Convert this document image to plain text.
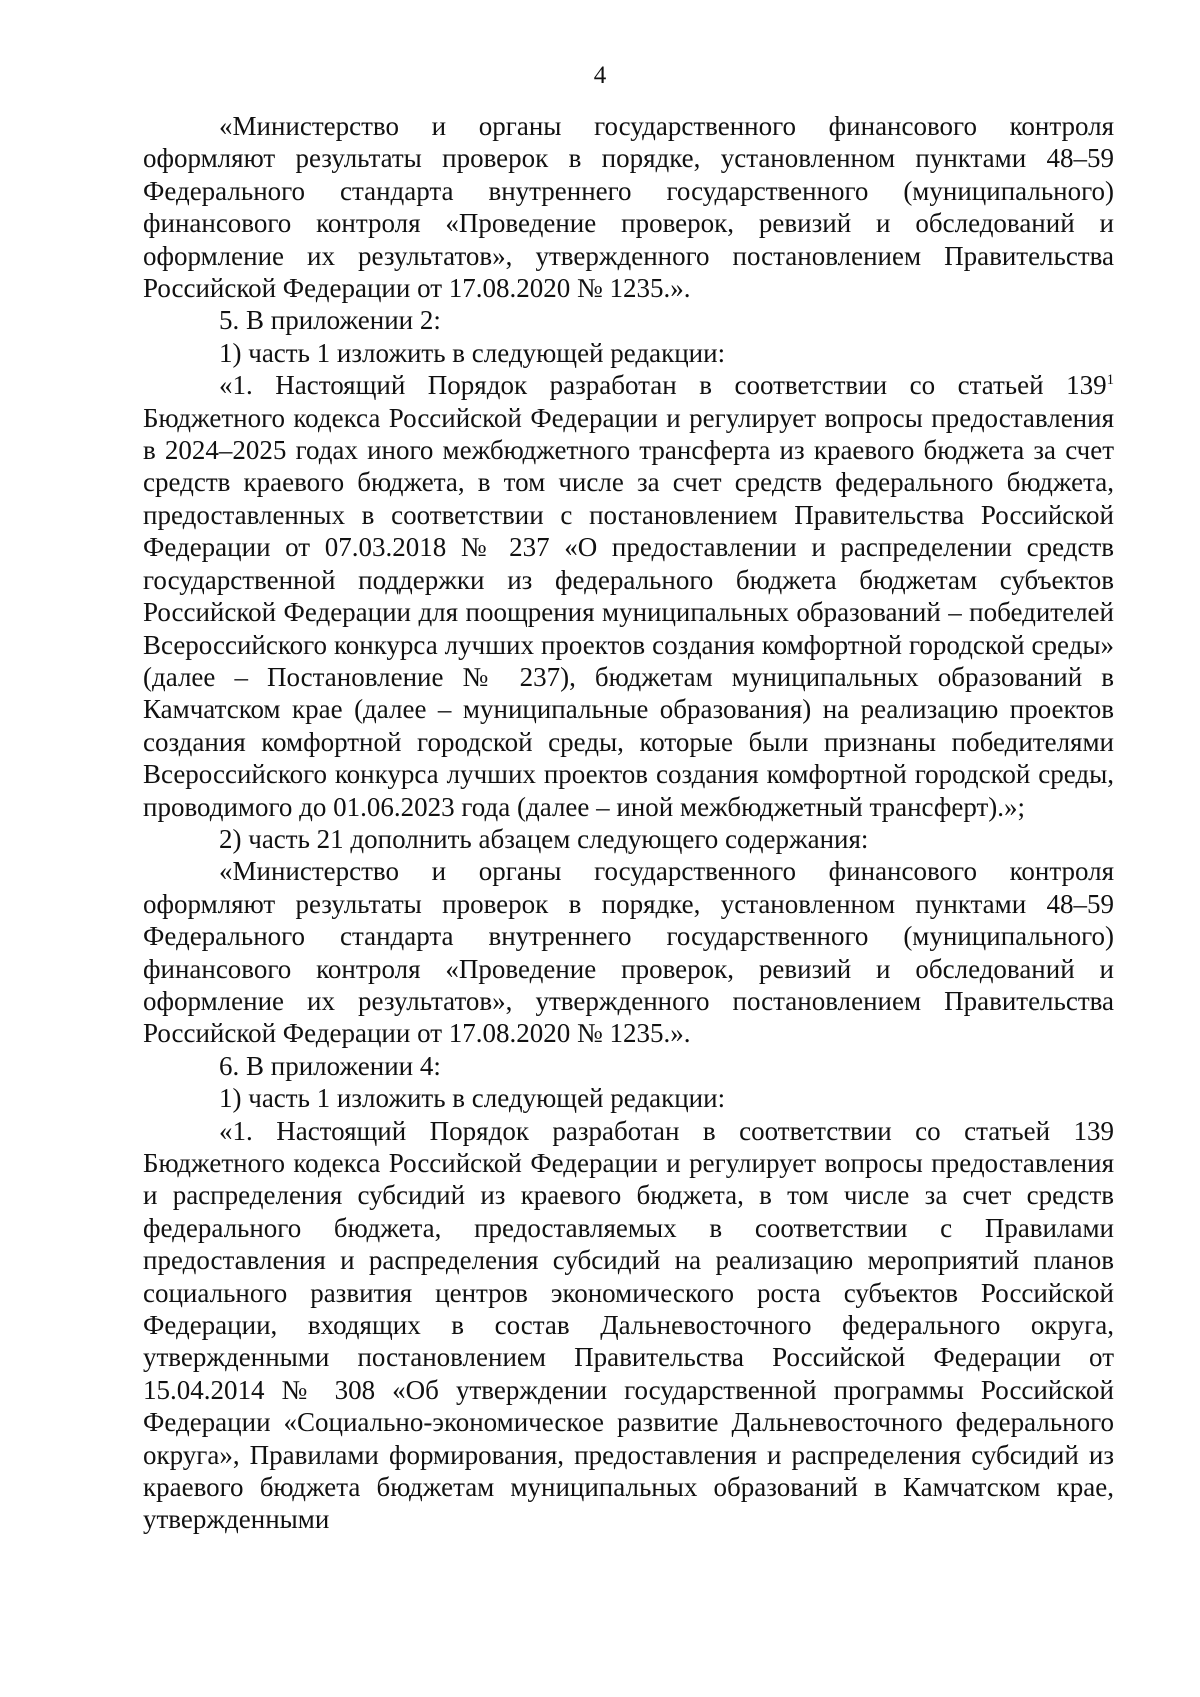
4

«Министерство и органы государственного финансового контроля оформляют результаты проверок в порядке, установленном пунктами 48–59 Федерального стандарта внутреннего государственного (муниципального) финансового контроля «Проведение проверок, ревизий и обследований и оформление их результатов», утвержденного постановлением Правительства Российской Федерации от 17.08.2020 № 1235.».

5. В приложении 2:

1) часть 1 изложить в следующей редакции:

«1. Настоящий Порядок разработан в соответствии со статьей $139^1$ Бюджетного кодекса Российской Федерации и регулирует вопросы предоставления в 2024–2025 годах иного межбюджетного трансферта из краевого бюджета за счет средств краевого бюджета, в том числе за счет средств федерального бюджета, предоставленных в соответствии с постановлением Правительства Российской Федерации от 07.03.2018 № 237 «О предоставлении и распределении средств государственной поддержки из федерального бюджета бюджетам субъектов Российской Федерации для поощрения муниципальных образований – победителей Всероссийского конкурса лучших проектов создания комфортной городской среды» (далее – Постановление № 237), бюджетам муниципальных образований в Камчатском крае (далее – муниципальные образования) на реализацию проектов создания комфортной городской среды, которые были признаны победителями Всероссийского конкурса лучших проектов создания комфортной городской среды, проводимого до 01.06.2023 года (далее – иной межбюджетный трансферт).»;

2) часть 21 дополнить абзацем следующего содержания:

«Министерство и органы государственного финансового контроля оформляют результаты проверок в порядке, установленном пунктами 48–59 Федерального стандарта внутреннего государственного (муниципального) финансового контроля «Проведение проверок, ревизий и обследований и оформление их результатов», утвержденного постановлением Правительства Российской Федерации от 17.08.2020 № 1235.».

6. В приложении 4:

1) часть 1 изложить в следующей редакции:

«1. Настоящий Порядок разработан в соответствии со статьей 139 Бюджетного кодекса Российской Федерации и регулирует вопросы предоставления и распределения субсидий из краевого бюджета, в том числе за счет средств федерального бюджета, предоставляемых в соответствии с Правилами предоставления и распределения субсидий на реализацию мероприятий планов социального развития центров экономического роста субъектов Российской Федерации, входящих в состав Дальневосточного федерального округа, утвержденными постановлением Правительства Российской Федерации от 15.04.2014 № 308 «Об утверждении государственной программы Российской Федерации «Социально-экономическое развитие Дальневосточного федерального округа», Правилами формирования, предоставления и распределения субсидий из краевого бюджета бюджетам муниципальных образований в Камчатском крае, утвержденными
